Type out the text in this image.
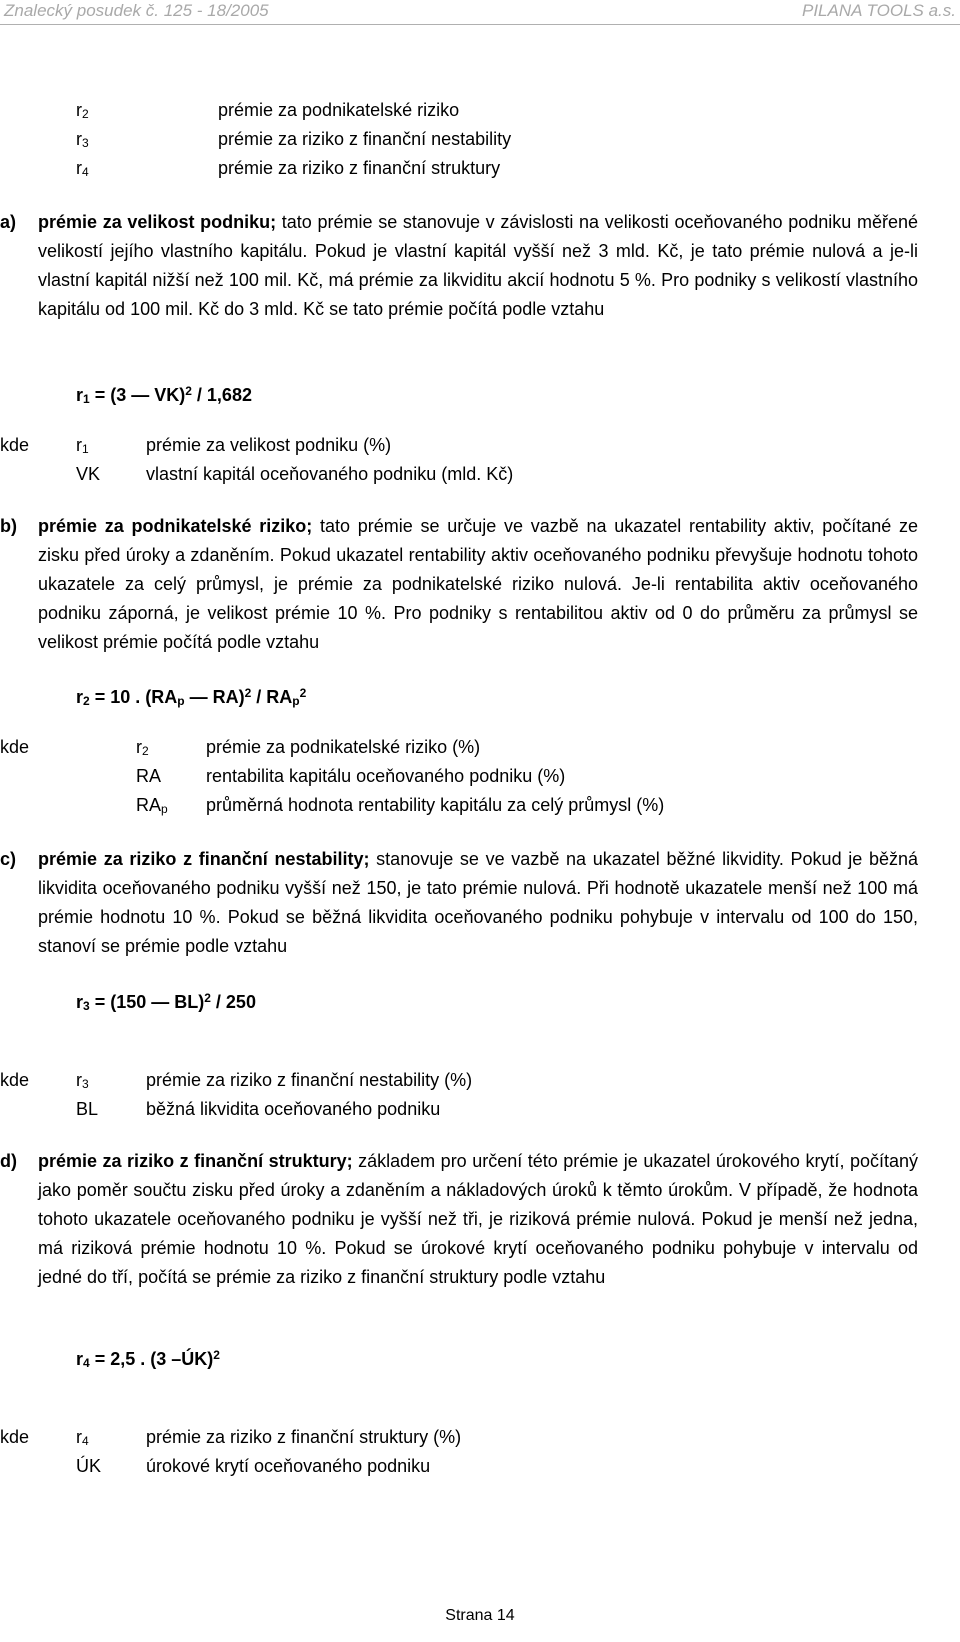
Znalecký posudek č. 125 - 18/2005	PILANA TOOLS a.s.
$r_2$	prémie za podnikatelské riziko
$r_3$	prémie za riziko z finanční nestability
$r_4$	prémie za riziko z finanční struktury
a) prémie za velikost podniku; tato prémie se stanovuje v závislosti na velikosti oceňovaného podniku měřené velikostí jejího vlastního kapitálu. Pokud je vlastní kapitál vyšší než 3 mld. Kč, je tato prémie nulová a je-li vlastní kapitál nižší než 100 mil. Kč, má prémie za likviditu akcií hodnotu 5 %. Pro podniky s velikostí vlastního kapitálu od 100 mil. Kč do 3 mld. Kč se tato prémie počítá podle vztahu
$r_1 = (3$ — VK)$^2$ / 1,682
kde	$r_1$	prémie za velikost podniku (%)
VK	vlastní kapitál oceňovaného podniku (mld. Kč)
b) prémie za podnikatelské riziko; tato prémie se určuje ve vazbě na ukazatel rentability aktiv, počítané ze zisku před úroky a zdaněním. Pokud ukazatel rentability aktiv oceňovaného podniku převyšuje hodnotu tohoto ukazatele za celý průmysl, je prémie za podnikatelské riziko nulová. Je-li rentabilita aktiv oceňovaného podniku záporná, je velikost prémie 10 %. Pro podniky s rentabilitou aktiv od 0 do průměru za průmysl se velikost prémie počítá podle vztahu
$r_2 = 10$ . ($RA_p$ — $RA)^2 / RA_p^2$
kde	$r_2$	prémie za podnikatelské riziko (%)
RA rentabilita kapitálu oceňovaného podniku (%)
$RA_p$ průměrná hodnota rentability kapitálu za celý průmysl (%)
c) prémie za riziko z finanční nestability; stanovuje se ve vazbě na ukazatel běžné likvidity. Pokud je běžná likvidita oceňovaného podniku vyšší než 150, je tato prémie nulová. Při hodnotě ukazatele menší než 100 má prémie hodnotu 10 %. Pokud se běžná likvidita oceňovaného podniku pohybuje v intervalu od 100 do 150, stanoví se prémie podle vztahu
$r_3 = (150$ — BL)$^2$ / 250
kde	$r_3$	prémie za riziko z finanční nestability (%)
BL	běžná likvidita oceňovaného podniku
d) prémie za riziko z finanční struktury; základem pro určení této prémie je ukazatel úrokového krytí, počítaný jako poměr součtu zisku před úroky a zdaněním a nákladových úroků k těmto úrokům. V případě, že hodnota tohoto ukazatele oceňovaného podniku je vyšší než tři, je riziková prémie nulová. Pokud je menší než jedna, má riziková prémie hodnotu 10 %. Pokud se úrokové krytí oceňovaného podniku pohybuje v intervalu od jedné do tří, počítá se prémie za riziko z finanční struktury podle vztahu
$r_4 = 2,5$ . (3 –ÚK)$^2$
kde	$r_4$	prémie za riziko z finanční struktury (%)
ÚK úrokové krytí oceňovaného podniku
Strana 14
